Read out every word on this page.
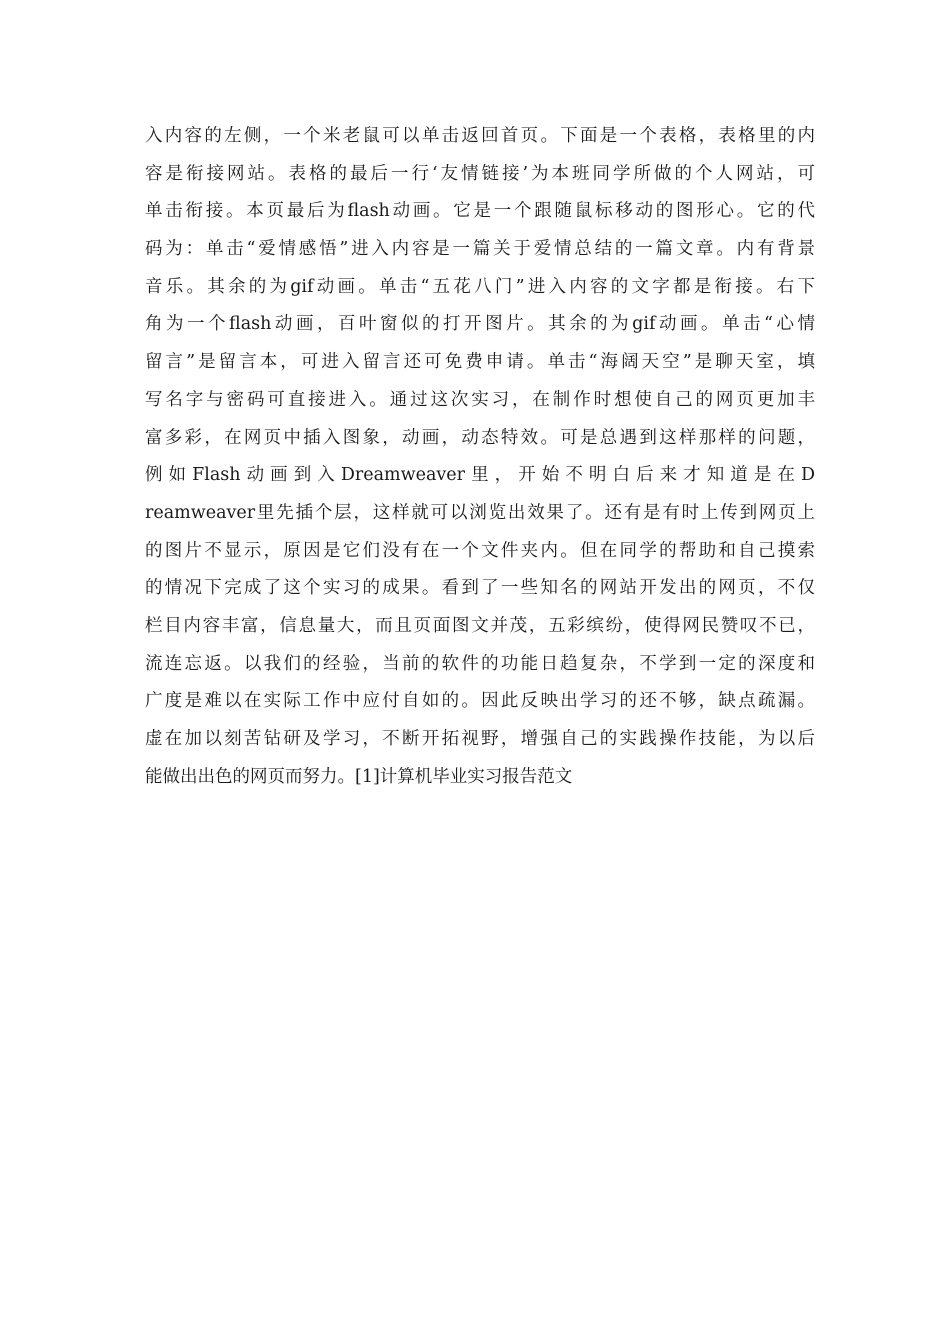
入内容的左侧，一个米老鼠可以单击返回首页。下面是一个表格，表格里的内
容是衔接网站。表格的最后一行‘友情链接’为本班同学所做的个人网站，可
单击衔接。本页最后为flash动画。它是一个跟随鼠标移动的图形心。它的代
码为：单击“爱情感悟”进入内容是一篇关于爱情总结的一篇文章。内有背景
音乐。其余的为gif动画。单击“五花八门”进入内容的文字都是衔接。右下
角为一个flash动画，百叶窗似的打开图片。其余的为gif动画。单击“心情
留言”是留言本，可进入留言还可免费申请。单击“海阔天空”是聊天室，填
写名字与密码可直接进入。通过这次实习，在制作时想使自己的网页更加丰
富多彩，在网页中插入图象，动画，动态特效。可是总遇到这样那样的问题，
例如Flash动画到入Dreamweaver里，开始不明白后来才知道是在D
reamweaver里先插个层，这样就可以浏览出效果了。还有是有时上传到网页上
的图片不显示，原因是它们没有在一个文件夹内。但在同学的帮助和自己摸索
的情况下完成了这个实习的成果。看到了一些知名的网站开发出的网页，不仅
栏目内容丰富，信息量大，而且页面图文并茂，五彩缤纷，使得网民赞叹不已，
流连忘返。以我们的经验，当前的软件的功能日趋复杂，不学到一定的深度和
广度是难以在实际工作中应付自如的。因此反映出学习的还不够，缺点疏漏。
虚在加以刻苦钻研及学习，不断开拓视野，增强自己的实践操作技能，为以后
能做出出色的网页而努力。[1]计算机毕业实习报告范文
